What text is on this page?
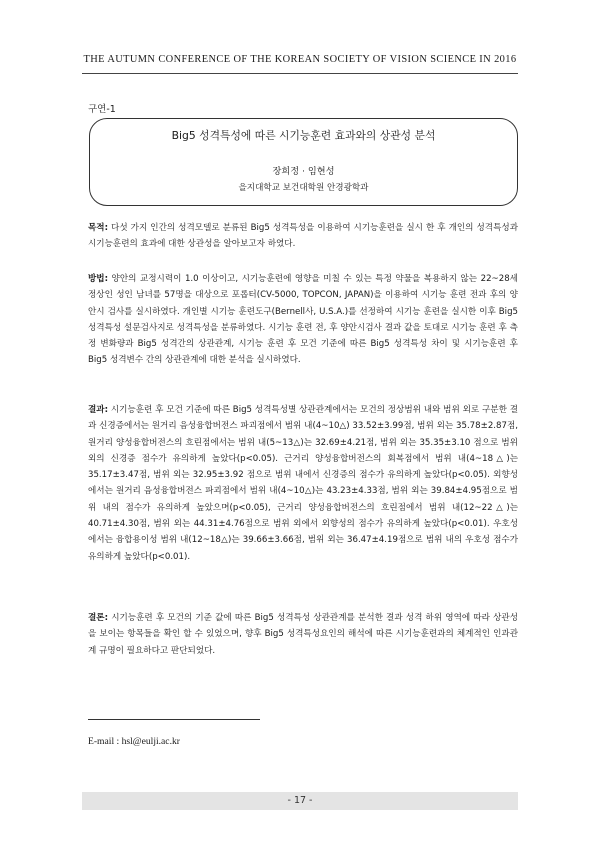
THE AUTUMN CONFERENCE OF THE KOREAN SOCIETY OF VISION SCIENCE IN 2016
구연-1
Big5 성격특성에 따른 시기능훈련 효과와의 상관성 분석
장희정 · 임현성
을지대학교 보건대학원 안경광학과
목적: 다섯 가지 인간의 성격모델로 분류된 Big5 성격특성을 이용하여 시기능훈련을 실시 한 후 개인의 성격특성과 시기능훈련의 효과에 대한 상관성을 알아보고자 하였다.
방법: 양안의 교정시력이 1.0 이상이고, 시기능훈련에 영향을 미칠 수 있는 특정 약물을 복용하지 않는 22~28세 정상인 성인 남녀를 57명을 대상으로 포롭터(CV-5000, TOPCON, JAPAN)을 이용하여 시기능 훈련 전과 후의 양안시 검사를 실시하였다. 개인별 시기능 훈련도구(Bernell사, U.S.A.)를 선정하여 시기능 훈련을 실시한 이후 Big5 성격특성 설문검사지로 성격특성을 분류하였다. 시기능 훈련 전, 후 양안시검사 결과 값을 토대로 시기능 훈련 후 측정 변화량과 Big5 성격간의 상관관계, 시기능 훈련 후 모건 기준에 따른 Big5 성격특성 차이 및 시기능훈련 후 Big5 성격변수 간의 상관관계에 대한 분석을 실시하였다.
결과: 시기능훈련 후 모건 기준에 따른 Big5 성격특성별 상관관계에서는 모건의 정상범위 내와 범위 외로 구분한 결과 신경증에서는 원거리 음성융합버전스 파괴점에서 범위 내(4~10△) 33.52±3.99점, 범위 외는 35.78±2.87점, 원거리 양성융합버전스의 흐린점에서는 범위 내(5~13△)는 32.69±4.21점, 범위 외는 35.35±3.10 점으로 범위 외의 신경증 점수가 유의하게 높았다(p<0.05). 근거리 양성융합버전스의 회복점에서 범위 내(4~18△)는 35.17±3.47점, 범위 외는 32.95±3.92 점으로 범위 내에서 신경증의 점수가 유의하게 높았다(p<0.05). 외향성에서는 원거리 음성융합버전스 파괴점에서 범위 내(4~10△)는 43.23±4.33점, 범위 외는 39.84±4.95점으로 범위 내의 점수가 유의하게 높았으며(p<0.05), 근거리 양성융합버전스의 흐린점에서 범위 내(12~22△)는 40.71±4.30점, 범위 외는 44.31±4.76점으로 범위 외에서 외향성의 점수가 유의하게 높았다(p<0.01). 우호성에서는 융합용이성 범위 내(12~18△)는 39.66±3.66점, 범위 외는 36.47±4.19점으로 범위 내의 우호성 점수가 유의하게 높았다(p<0.01).
결론: 시기능훈련 후 모건의 기준 값에 따른 Big5 성격특성 상관관계를 분석한 결과 성격 하위 영역에 따라 상관성을 보이는 항목들을 확인 할 수 있었으며, 향후 Big5 성격특성요인의 해석에 따른 시기능훈련과의 체계적인 인과관계 규명이 필요하다고 판단되었다.
E-mail : hsl@eulji.ac.kr
- 17 -
